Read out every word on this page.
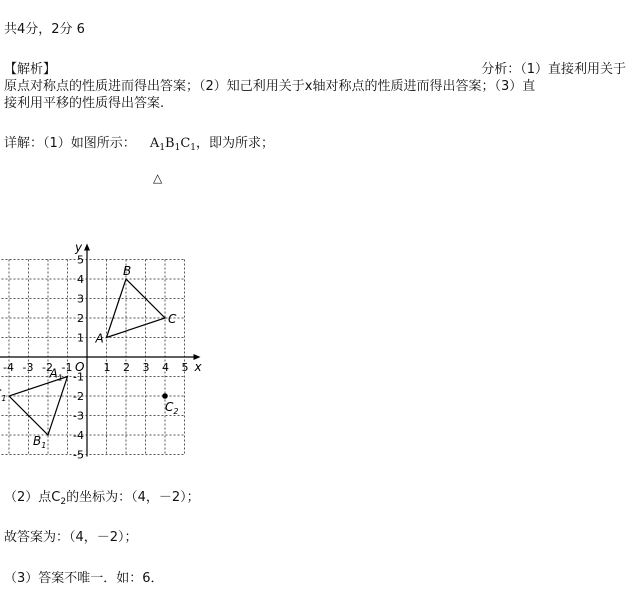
共4分，2分 6
【解析】	分析：（1）直接利用关于
原点对称点的性质进而得出答案；（2）知己利用关于x轴对称点的性质进而得出答案；（3）直
接利用平移的性质得出答案.
详解：（1）如图所示： $A_1B_1C_1$，即为所求；
△
x
y
O
-4 -3 -2 -1	1 2 3 4 5
5
4
3
2
1
-1
-2
-3
-4
-5
A
B
C
$A_1$
$B_1$
$_1$
$C_2$
（2）点$C_2$的坐标为：（4，－2）；
故答案为：（4，－2）；
（3）答案不唯一．如：6．
